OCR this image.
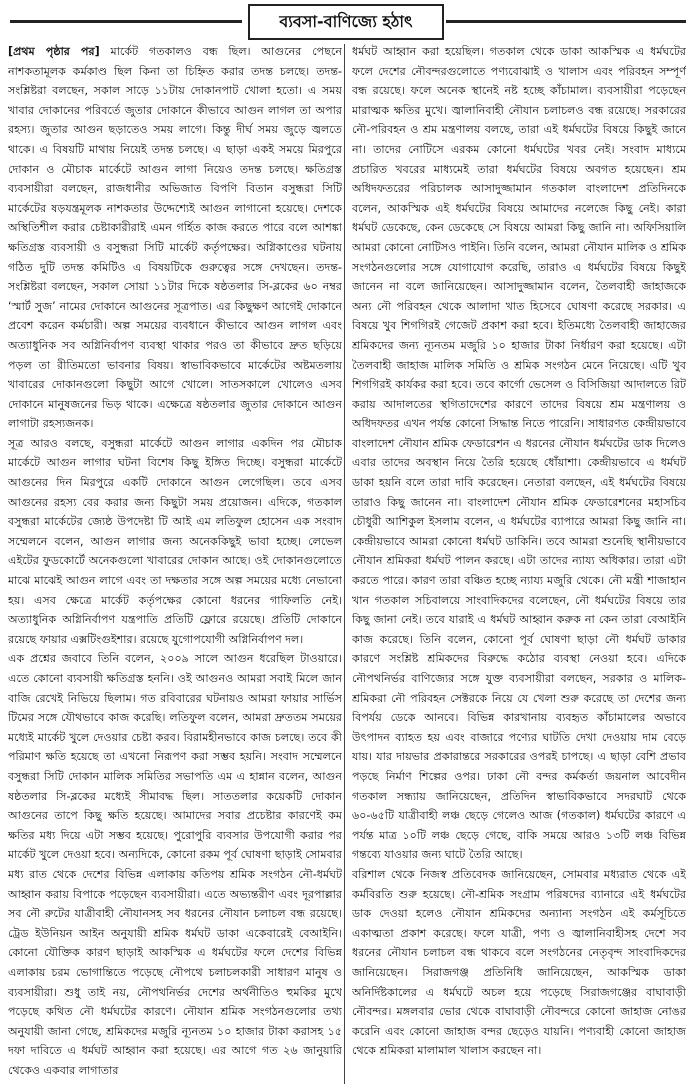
ব্যবসা-বাণিজ্যে হঠাৎ

[প্রথম পৃষ্ঠার পর] মার্কেট গতকালও বন্ধ ছিল। আগুনের পেছনে নাশকতামূলক কর্মকাণ্ড ছিল কিনা তা চিহ্নিত করার তদন্ত চলছে। তদন্ত-সংশ্লিষ্টরা বলছেন, সকাল সাড়ে ১১টায় দোকানপাট খোলা হতো। এ সময় খাবার দোকানের পরিবর্তে জুতার দোকানে কীভাবে আগুন লাগল তা অপার রহস্য। জুতার আগুন ছড়াতেও সময় লাগে। কিন্তু দীর্ঘ সময় জুড়ে জ্বলতে থাকে। এ বিষয়টি মাথায় নিয়েই তদন্ত চলছে। এ ছাড়া একই সময়ে মিরপুরে দোকান ও মৌচাক মার্কেটে আগুন লাগা নিয়েও তদন্ত চলছে। ক্ষতিগ্রস্ত ব্যবসায়ীরা বলছেন, রাজধানীর অভিজাত বিপণি বিতান বসুন্ধরা সিটি মার্কেটের ষড়যন্ত্রমূলক নাশকতার উদ্দেশ্যেই আগুন লাগানো হয়েছে। দেশকে অস্থিতিশীল করার চেষ্টাকারীরাই এমন গর্হিত কাজ করতে পারে বলে আশঙ্কা ক্ষতিগ্রস্ত ব্যবসায়ী ও বসুন্ধরা সিটি মার্কেট কর্তৃপক্ষের। অগ্নিকাণ্ডের ঘটনায় গঠিত দুটি তদন্ত কমিটিও এ বিষয়টিকে গুরুত্বের সঙ্গে দেখছেন। তদন্ত-সংশ্লিষ্টরা বলছেন, সকাল সোয়া ১১টার দিকে ষষ্ঠতলার সি-ব্লকের ৬০ নম্বর ‘স্মার্ট সুজ’ নামের দোকানে আগুনের সূত্রপাত। এর কিছুক্ষণ আগেই দোকানে প্রবেশ করেন কর্মচারী। অল্প সময়ের ব্যবধানে কীভাবে আগুন লাগল এবং অত্যাধুনিক সব অগ্নিনির্বাপণ ব্যবস্থা থাকার পরও তা কীভাবে দ্রুত ছড়িয়ে পড়ল তা রীতিমতো ভাবনার বিষয়। স্বাভাবিকভাবে মার্কেটের অষ্টমতলায় খাবারের দোকানগুলো কিছুটা আগে খোলে। সাতসকালে খোলেও এসব দোকানে মানুষজনের ভিড় থাকে। এক্ষেত্রে ষষ্ঠতলার জুতার দোকানে আগুন লাগাটা রহস্যজনক।

সূত্র আরও বলছে, বসুন্ধরা মার্কেটে আগুন লাগার একদিন পর মৌচাক মার্কেটে আগুন লাগার ঘটনা বিশেষ কিছু ইঙ্গিত দিচ্ছে। বসুন্ধরা মার্কেটে আগুনের দিন মিরপুরে একটি দোকানে আগুন লেগেছিল। তবে এসব আগুনের রহস্য বের করার জন্য কিছুটা সময় প্রয়োজন। এদিকে, গতকাল বসুন্ধরা মার্কেটের জ্যেষ্ঠ উপদেষ্টা টি আই এম লতিফুল হোসেন এক সংবাদ সম্মেলনে বলেন, আগুন লাগার জন্য অনেককিছুই ভাবা হচ্ছে। লেভেল এইটের ফুডকোর্টে অনেকগুলো খাবারের দোকান আছে। ওই দোকানগুলোতে মাঝে মাঝেই আগুন লাগে এবং তা দক্ষতার সঙ্গে অল্প সময়ের মধ্যে নেভানো হয়। এসব ক্ষেত্রে মার্কেট কর্তৃপক্ষের কোনো ধরনের গাফিলতি নেই। অত্যাধুনিক অগ্নিনির্বাপণ যন্ত্রপাতি প্রতিটি ফ্লোরে রয়েছে। প্রতিটি দোকানে রয়েছে ফায়ার এক্সটিংগুইশার। রয়েছে যুগোপযোগী অগ্নিনির্বাপণ দল।

এক প্রশ্নের জবাবে তিনি বলেন, ২০০৯ সালে আগুন ধরেছিল টাওয়ারে। এতে কোনো ব্যবসায়ী ক্ষতিগ্রস্ত হননি। ওই আগুনও আমরা সবাই মিলে জান বাজি রেখেই নিভিয়ে ছিলাম। গত রবিবারের ঘটনায়ও আমরা ফায়ার সার্ভিস টিমের সঙ্গে যৌথভাবে কাজ করেছি। লতিফুল বলেন, আমরা দ্রুততম সময়ের মধ্যেই মার্কেট খুলে দেওয়ার চেষ্টা করব। বিরামহীনভাবে কাজ চলছে। তবে কী পরিমাণ ক্ষতি হয়েছে তা এখনো নিরূপণ করা সম্ভব হয়নি। সংবাদ সম্মেলনে বসুন্ধরা সিটি দোকান মালিক সমিতির সভাপতি এম এ হান্নান বলেন, আগুন ষষ্ঠতলার সি-ব্লকের মধ্যেই সীমাবদ্ধ ছিল। সাততলার কয়েকটি দোকান আগুনের তাপে কিছু ক্ষতি হয়েছে। আমাদের সবার প্রচেষ্টার কারণেই কম ক্ষতির মধ্য দিয়ে এটা সম্ভব হয়েছে। পুরোপুরি ব্যবসার উপযোগী করার পর মার্কেট খুলে দেওয়া হবে। অন্যদিকে, কোনো রকম পূর্ব ঘোষণা ছাড়াই সোমবার মধ্য রাত থেকে দেশের বিভিন্ন এলাকায় কতিপয় শ্রমিক সংগঠন নৌ-ধর্মঘট আহ্বান করায় বিপাকে পড়েছেন ব্যবসায়ীরা। এতে অভ্যন্তরীণ এবং দূরপাল্লার সব নৌ রুটের যাত্রীবাহী নৌযানসহ সব ধরনের নৌযান চলাচল বন্ধ রয়েছে। ট্রেড ইউনিয়ন আইন অনুযায়ী শ্রমিক ধর্মঘট ডাকা একেবারেই বেআইনি। কোনো যৌক্তিক কারণ ছাড়াই আকস্মিক এ ধর্মঘটের ফলে দেশের বিভিন্ন এলাকায় চরম ভোগান্তিতে পড়েছে নৌপথে চলাচলকারী সাধারণ মানুষ ও ব্যবসায়ীরা। শুধু তাই নয়, নৌপথনির্ভর দেশের অর্থনীতিও হুমকির মুখে পড়েছে কথিত নৌ ধর্মঘটের কারণে। নৌযান শ্রমিক সংগঠনগুলোর তথ্য অনুযায়ী জানা গেছে, শ্রমিকদের মজুরি ন্যূনতম ১০ হাজার টাকা করাসহ ১৫ দফা দাবিতে এ ধর্মঘট আহ্বান করা হয়েছে। এর আগে গত ২৬ জানুয়ারি থেকেও একবার লাগাতার

ধর্মঘট আহ্বান করা হয়েছিল। গতকাল থেকে ডাকা আকস্মিক এ ধর্মঘটের ফলে দেশের নৌবন্দরগুলোতে পণ্যবোঝাই ও খালাস এবং পরিবহন সম্পূর্ণ বন্ধ রয়েছে। ফলে অনেক স্থানেই নষ্ট হচ্ছে কাঁচামাল। ব্যবসায়ীরা পড়েছেন মারাত্মক ক্ষতির মুখে। জ্বালানিবাহী নৌযান চলাচলও বন্ধ রয়েছে। সরকারের নৌ-পরিবহন ও শ্রম মন্ত্রণালয় বলছে, তারা এই ধর্মঘটের বিষয়ে কিছুই জানে না। তাদের নোটিসে এরকম কোনো ধর্মঘটের খবর নেই। সংবাদ মাধ্যমে প্রচারিত খবরের মাধ্যমেই তারা ধর্মঘটের বিষয়ে অবগত হয়েছেন। শ্রম অধিদফতরের পরিচালক আসাদুজ্জামান গতকাল বাংলাদেশ প্রতিদিনকে বলেন, আকস্মিক এই ধর্মঘটের বিষয়ে আমাদের নলেজে কিছু নেই। কারা ধর্মঘট ডেকেছে, কেন ডেকেছে সে বিষয়ে আমরা কিছু জানি না। অফিসিয়ালি আমরা কোনো নোটিসও পাইনি। তিনি বলেন, আমরা নৌযান মালিক ও শ্রমিক সংগঠনগুলোর সঙ্গে যোগাযোগ করেছি, তারাও এ ধর্মঘটের বিষয়ে কিছুই জানেন না বলে জানিয়েছেন। আসাদুজ্জামান বলেন, তৈলবাহী জাহাজকে অন্য নৌ পরিবহন থেকে আলাদা খাত হিসেবে ঘোষণা করেছে সরকার। এ বিষয়ে খুব শিগগিরই গেজেট প্রকাশ করা হবে। ইতিমধ্যে তৈলবাহী জাহাজের শ্রমিকদের জন্য ন্যূনতম মজুরি ১০ হাজার টাকা নির্ধারণ করা হয়েছে। এটা তৈলবাহী জাহাজ মালিক সমিতি ও শ্রমিক সংগঠন মেনে নিয়েছে। এটি খুব শিগগিরই কার্যকর করা হবে। তবে কার্গো ভেসেল ও বিসিজিয়া আদালতে রিট করায় আদালতের স্থগিতাদেশের কারণে তাদের বিষয়ে শ্রম মন্ত্রণালয় ও অধিদফতর এখন পর্যন্ত কোনো সিদ্ধান্ত নিতে পারেনি। সাধারণত কেন্দ্রীয়ভাবে বাংলাদেশ নৌযান শ্রমিক ফেডারেশন এ ধরনের নৌযান ধর্মঘটের ডাক দিলেও এবার তাদের অবস্থান নিয়ে তৈরি হয়েছে ধোঁয়াশা। কেন্দ্রীয়ভাবে এ ধর্মঘট ডাকা হয়নি বলে তারা দাবি করেছেন। নেতারা বলছেন, এই ধর্মঘটের বিষয়ে তারাও কিছু জানেন না। বাংলাদেশ নৌযান শ্রমিক ফেডারেশনের মহাসচিব চৌধুরী আশিকুল ইসলাম বলেন, এ ধর্মঘটের ব্যাপারে আমরা কিছু জানি না। কেন্দ্রীয়ভাবে আমরা কোনো ধর্মঘট ডাকিনি। তবে আমরা শুনেছি স্থানীয়ভাবে নৌযান শ্রমিকরা ধর্মঘট পালন করছে। এটা তাদের ন্যায্য অধিকার। তারা এটা করতে পারে। কারণ তারা বঞ্চিত হচ্ছে ন্যায্য মজুরি থেকে। নৌ মন্ত্রী শাজাহান খান গতকাল সচিবালয়ে সাংবাদিকদের বলেছেন, নৌ ধর্মঘটের বিষয়ে তার কিছু জানা নেই। তবে যারাই এ ধর্মঘট আহ্বান করুক না কেন তারা বেআইনি কাজ করেছে। তিনি বলেন, কোনো পূর্ব ঘোষণা ছাড়া নৌ ধর্মঘট ডাকার কারণে সংশ্লিষ্ট শ্রমিকদের বিরুদ্ধে কঠোর ব্যবস্থা নেওয়া হবে। এদিকে নৌপথনির্ভর বাণিজ্যের সঙ্গে যুক্ত ব্যবসায়ীরা বলছেন, সরকার ও মালিক- শ্রমিকরা নৌ পরিবহন সেক্টরকে নিয়ে যে খেলা শুরু করেছে তা দেশের জন্য বিপর্যয় ডেকে আনবে। বিভিন্ন কারখানায় ব্যবহৃত কাঁচামালের অভাবে উৎপাদন ব্যাহত হয় এবং বাজারে পণ্যের ঘাটতি দেখা দেওয়ায় দাম বেড়ে যায়। যার দায়ভার প্রকারান্তরে সরকারের ওপরই চাপছে। এ ছাড়া বেশি প্রভাব পড়ছে নির্মাণ শিল্পের ওপর। ঢাকা নৌ বন্দর কর্মকর্তা জয়নাল আবেদীন গতকাল সন্ধ্যায় জানিয়েছেন, প্রতিদিন স্বাভাবিকভাবে সদরঘাট থেকে ৬০-৬৫টি যাত্রীবাহী লঞ্চ ছেড়ে গেলেও আজ (গতকাল) ধর্মঘটের কারণে এ পর্যন্ত মাত্র ১০টি লঞ্চ ছেড়ে গেছে, বাকি সময়ে আরও ১৩টি লঞ্চ বিভিন্ন গন্তব্যে যাওয়ার জন্য ঘাটে তৈরি আছে।

বরিশাল থেকে নিজস্ব প্রতিবেদক জানিয়েছেন, সোমবার মধ্যরাত থেকে এই কর্মবিরতি শুরু হয়েছে। নৌ-শ্রমিক সংগ্রাম পরিষদের ব্যানারে এই ধর্মঘটের ডাক দেওয়া হলেও নৌযান শ্রমিকদের অন্যান্য সংগঠন এই কর্মসূচিতে একাত্মতা প্রকাশ করেছে। ফলে যাত্রী, পণ্য ও জ্বালানিবাহীসহ দেশে সব ধরনের নৌযান চলাচল বন্ধ থাকবে বলে সংগঠনের নেতৃবৃন্দ সাংবাদিকদের জানিয়েছেন। সিরাজগঞ্জ প্রতিনিধি জানিয়েছেন, আকস্মিক ডাকা অনির্দিষ্টকালের এ ধর্মঘটে অচল হয়ে পড়েছে সিরাজগঞ্জের বাঘাবাড়ী নৌবন্দর। মঙ্গলবার ভোর থেকে বাঘাবাড়ী নৌবন্দরে কোনো জাহাজ নোঙর করেনি এবং কোনো জাহাজ বন্দর ছেড়েও যায়নি। পণ্যবাহী কোনো জাহাজ থেকে শ্রমিকরা মালামাল খালাস করছেন না।
